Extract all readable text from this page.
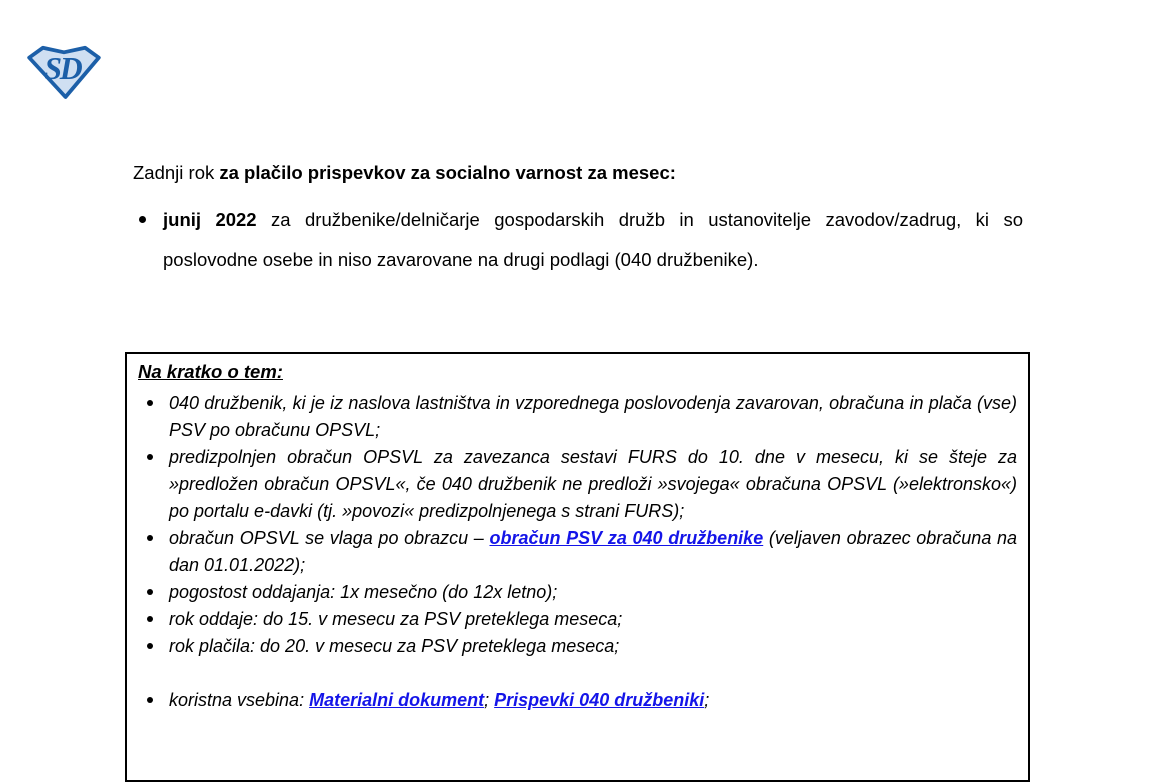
SD

Zadnji rok za plačilo prispevkov za socialno varnost za mesec:

junij 2022 za družbenike/delničarje gospodarskih družb in ustanovitelje zavodov/zadrug, ki so poslovodne osebe in niso zavarovane na drugi podlagi (040 družbenike).

Na kratko o tem:

040 družbenik, ki je iz naslova lastništva in vzporednega poslovodenja zavarovan, obračuna in plača (vse) PSV po obračunu OPSVL;
predizpolnjen obračun OPSVL za zavezanca sestavi FURS do 10. dne v mesecu, ki se šteje za »predložen obračun OPSVL«, če 040 družbenik ne predloži »svojega« obračuna OPSVL (»elektronsko«) po portalu e-davki (tj. »povozi« predizpolnjenega s strani FURS);
obračun OPSVL se vlaga po obrazcu – obračun PSV za 040 družbenike (veljaven obrazec obračuna na dan 01.01.2022);
pogostost oddajanja: 1x mesečno (do 12x letno);
rok oddaje: do 15. v mesecu za PSV preteklega meseca;
rok plačila: do 20. v mesecu za PSV preteklega meseca;
koristna vsebina: Materialni dokument; Prispevki 040 družbeniki;
